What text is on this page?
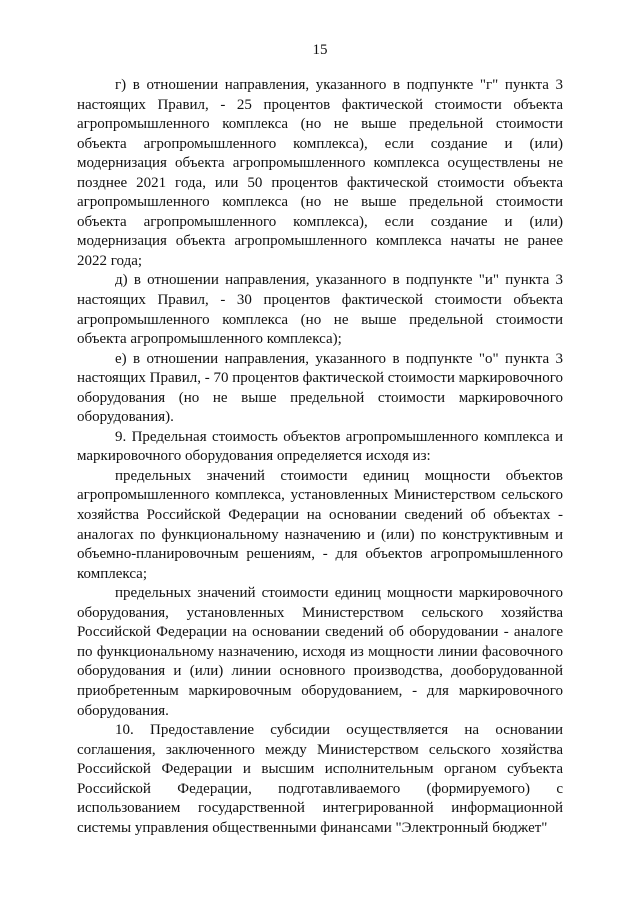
15

г) в отношении направления, указанного в подпункте "г" пункта 3 настоящих Правил, - 25 процентов фактической стоимости объекта агропромышленного комплекса (но не выше предельной стоимости объекта агропромышленного комплекса), если создание и (или) модернизация объекта агропромышленного комплекса осуществлены не позднее 2021 года, или 50 процентов фактической стоимости объекта агропромышленного комплекса (но не выше предельной стоимости объекта агропромышленного комплекса), если создание и (или) модернизация объекта агропромышленного комплекса начаты не ранее 2022 года;

д) в отношении направления, указанного в подпункте "и" пункта 3 настоящих Правил, - 30 процентов фактической стоимости объекта агропромышленного комплекса (но не выше предельной стоимости объекта агропромышленного комплекса);

е) в отношении направления, указанного в подпункте "о" пункта 3 настоящих Правил, - 70 процентов фактической стоимости маркировочного оборудования (но не выше предельной стоимости маркировочного оборудования).

9. Предельная стоимость объектов агропромышленного комплекса и маркировочного оборудования определяется исходя из:

предельных значений стоимости единиц мощности объектов агропромышленного комплекса, установленных Министерством сельского хозяйства Российской Федерации на основании сведений об объектах - аналогах по функциональному назначению и (или) по конструктивным и объемно-планировочным решениям, - для объектов агропромышленного комплекса;

предельных значений стоимости единиц мощности маркировочного оборудования, установленных Министерством сельского хозяйства Российской Федерации на основании сведений об оборудовании - аналоге по функциональному назначению, исходя из мощности линии фасовочного оборудования и (или) линии основного производства, дооборудованной приобретенным маркировочным оборудованием, - для маркировочного оборудования.

10. Предоставление субсидии осуществляется на основании соглашения, заключенного между Министерством сельского хозяйства Российской Федерации и высшим исполнительным органом субъекта Российской Федерации, подготавливаемого (формируемого) с использованием государственной интегрированной информационной системы управления общественными финансами "Электронный бюджет"
